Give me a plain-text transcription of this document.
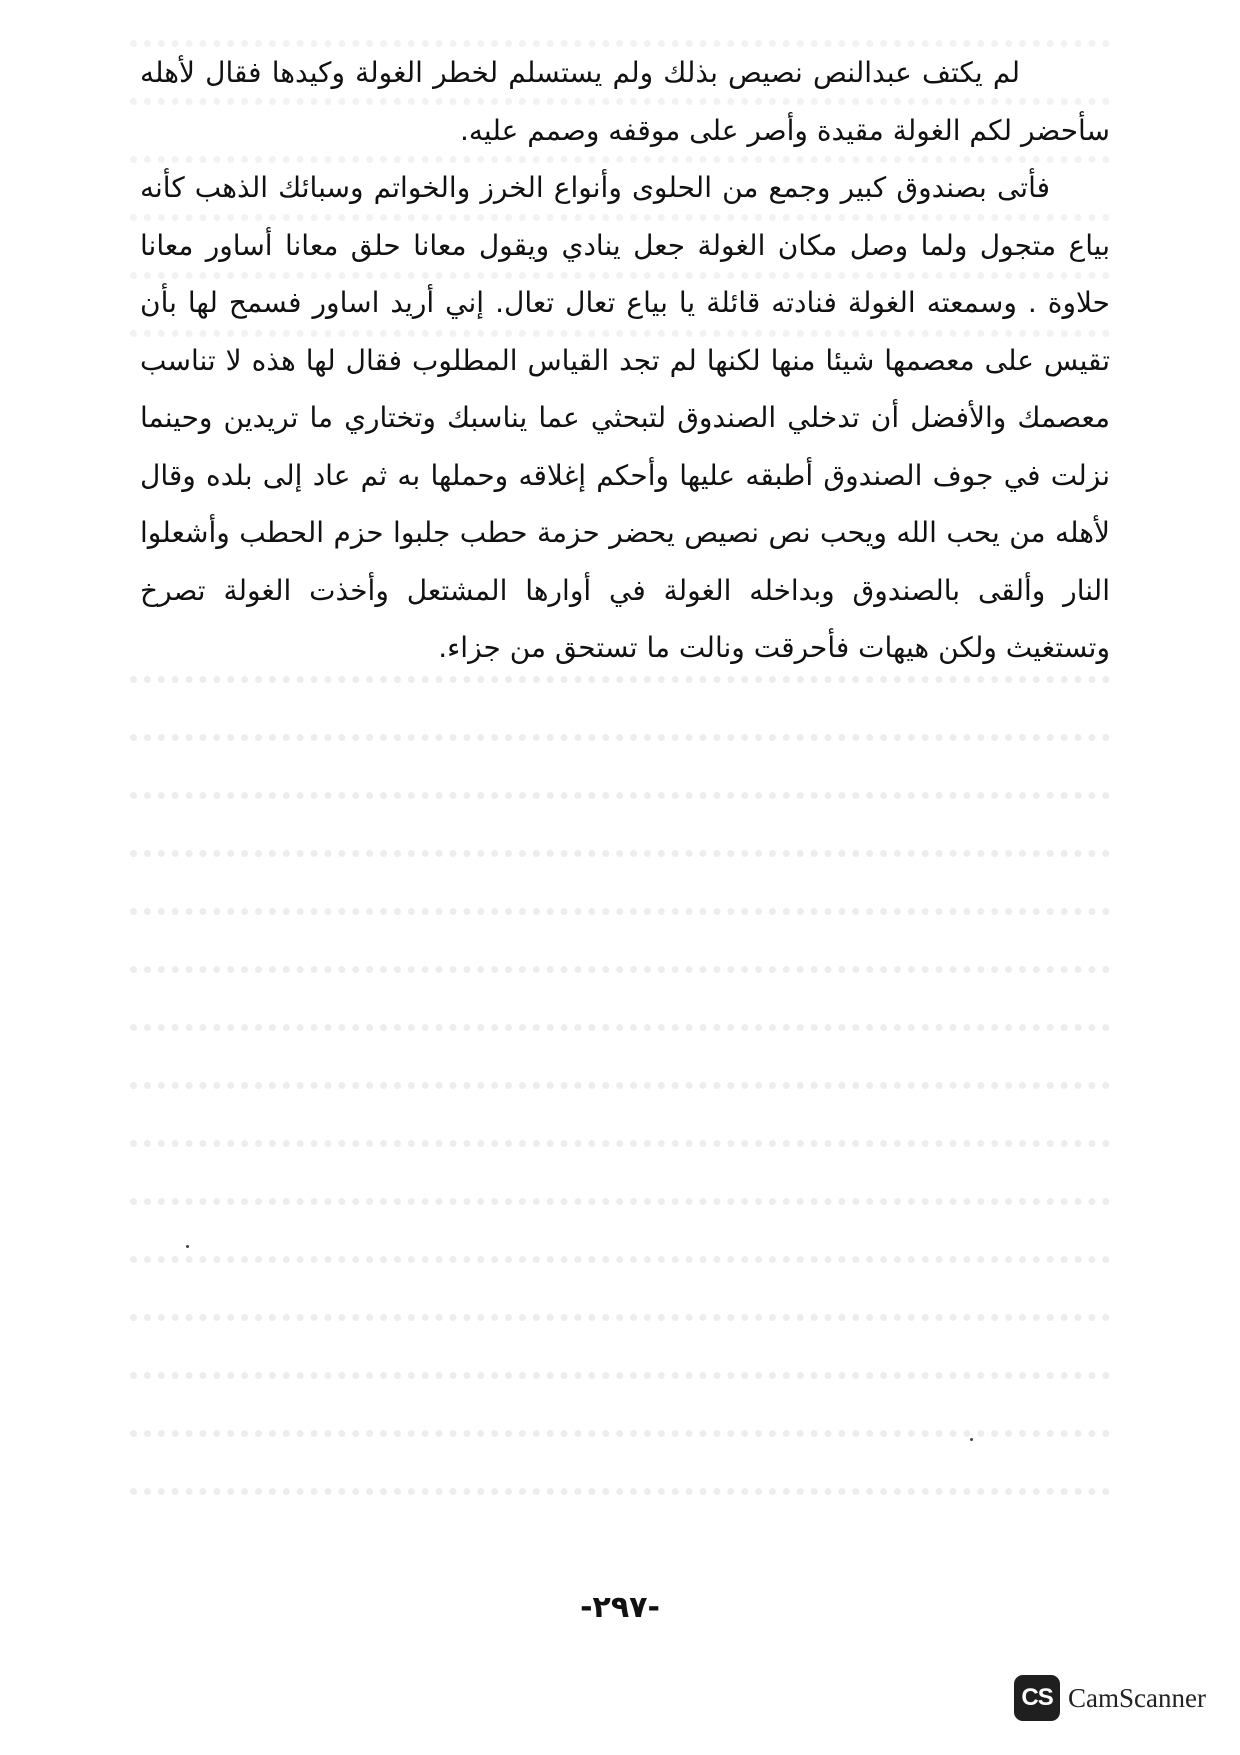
لم يكتف عبدالنص نصيص بذلك ولم يستسلم لخطر الغولة وكيدها فقال لأهله سأحضر لكم الغولة مقيدة وأصر على موقفه وصمم عليه.

فأتى بصندوق كبير وجمع من الحلوى وأنواع الخرز والخواتم وسبائك الذهب كأنه بياع متجول ولما وصل مكان الغولة جعل ينادي ويقول معانا حلق معانا أساور معانا حلاوة . وسمعته الغولة فنادته قائلة يا بياع تعال تعال. إني أريد اساور فسمح لها بأن تقيس على معصمها شيئا منها لكنها لم تجد القياس المطلوب فقال لها هذه لا تناسب معصمك والأفضل أن تدخلي الصندوق لتبحثي عما يناسبك وتختاري ما تريدين وحينما نزلت في جوف الصندوق أطبقه عليها وأحكم إغلاقه وحملها به ثم عاد إلى بلده وقال لأهله من يحب الله ويحب نص نصيص يحضر حزمة حطب جلبوا حزم الحطب وأشعلوا النار وألقى بالصندوق وبداخله الغولة في أوارها المشتعل وأخذت الغولة تصرخ وتستغيث ولكن هيهات فأحرقت ونالت ما تستحق من جزاء.

-٢٩٧-
CS CamScanner
